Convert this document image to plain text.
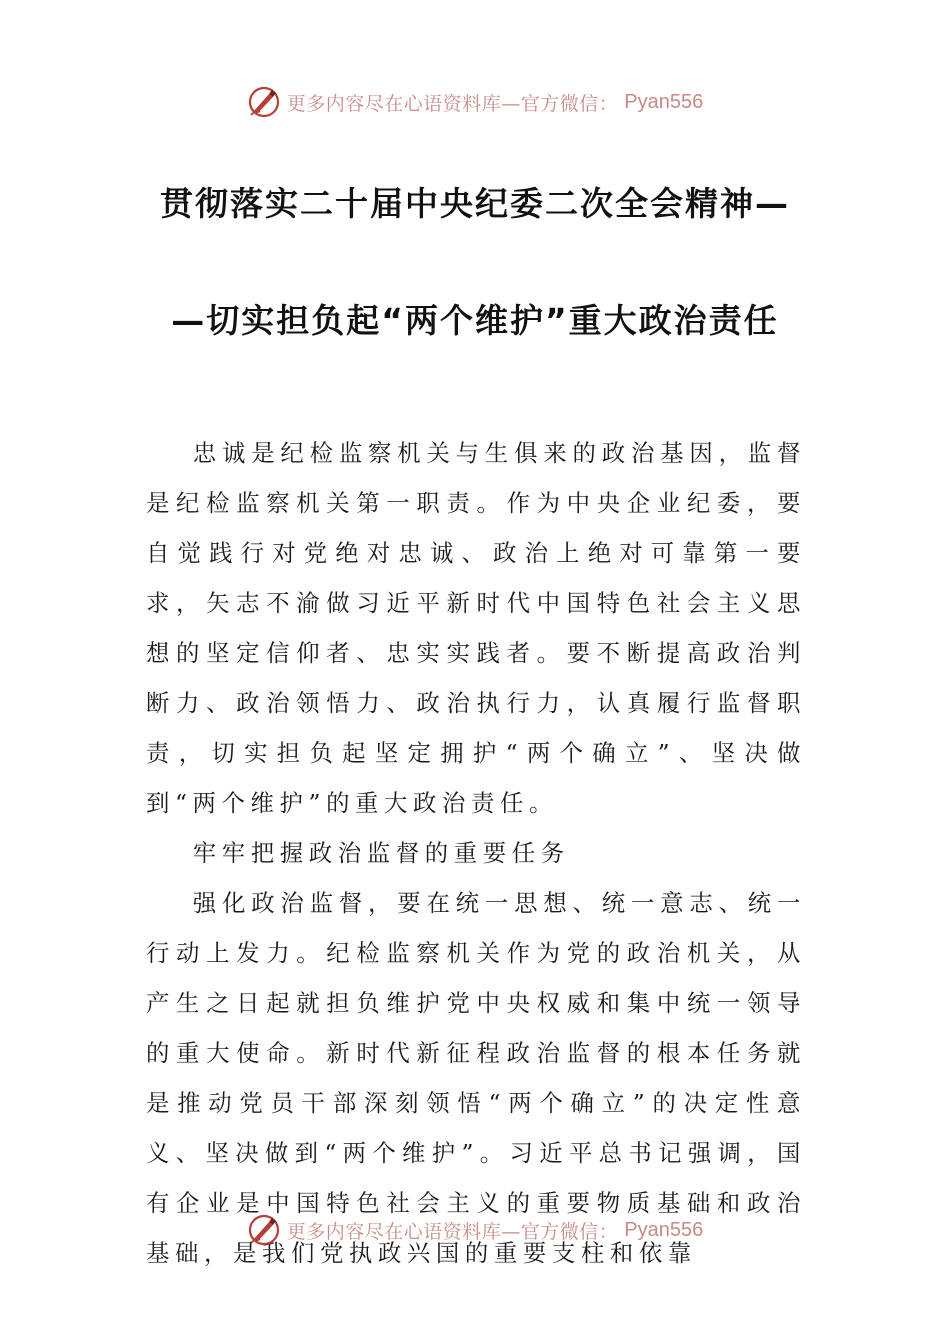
更多内容尽在心语资料库—官方微信： Pyan556
贯彻落实二十届中央纪委二次全会精神—
—切实担负起“两个维护”重大政治责任

忠诚是纪检监察机关与生俱来的政治基因，监督是纪检监察机关第一职责。作为中央企业纪委，要自觉践行对党绝对忠诚、政治上绝对可靠第一要求，矢志不渝做习近平新时代中国特色社会主义思想的坚定信仰者、忠实实践者。要不断提高政治判断力、政治领悟力、政治执行力，认真履行监督职责，切实担负起坚定拥护“两个确立”、坚决做到“两个维护”的重大政治责任。

牢牢把握政治监督的重要任务

强化政治监督，要在统一思想、统一意志、统一行动上发力。纪检监察机关作为党的政治机关，从产生之日起就担负维护党中央权威和集中统一领导的重大使命。新时代新征程政治监督的根本任务就是推动党员干部深刻领悟“两个确立”的决定性意义、坚决做到“两个维护”。习近平总书记强调，国有企业是中国特色社会主义的重要物质基础和政治基础，是我们党执政兴国的重要支柱和依靠

更多内容尽在心语资料库—官方微信： Pyan556
